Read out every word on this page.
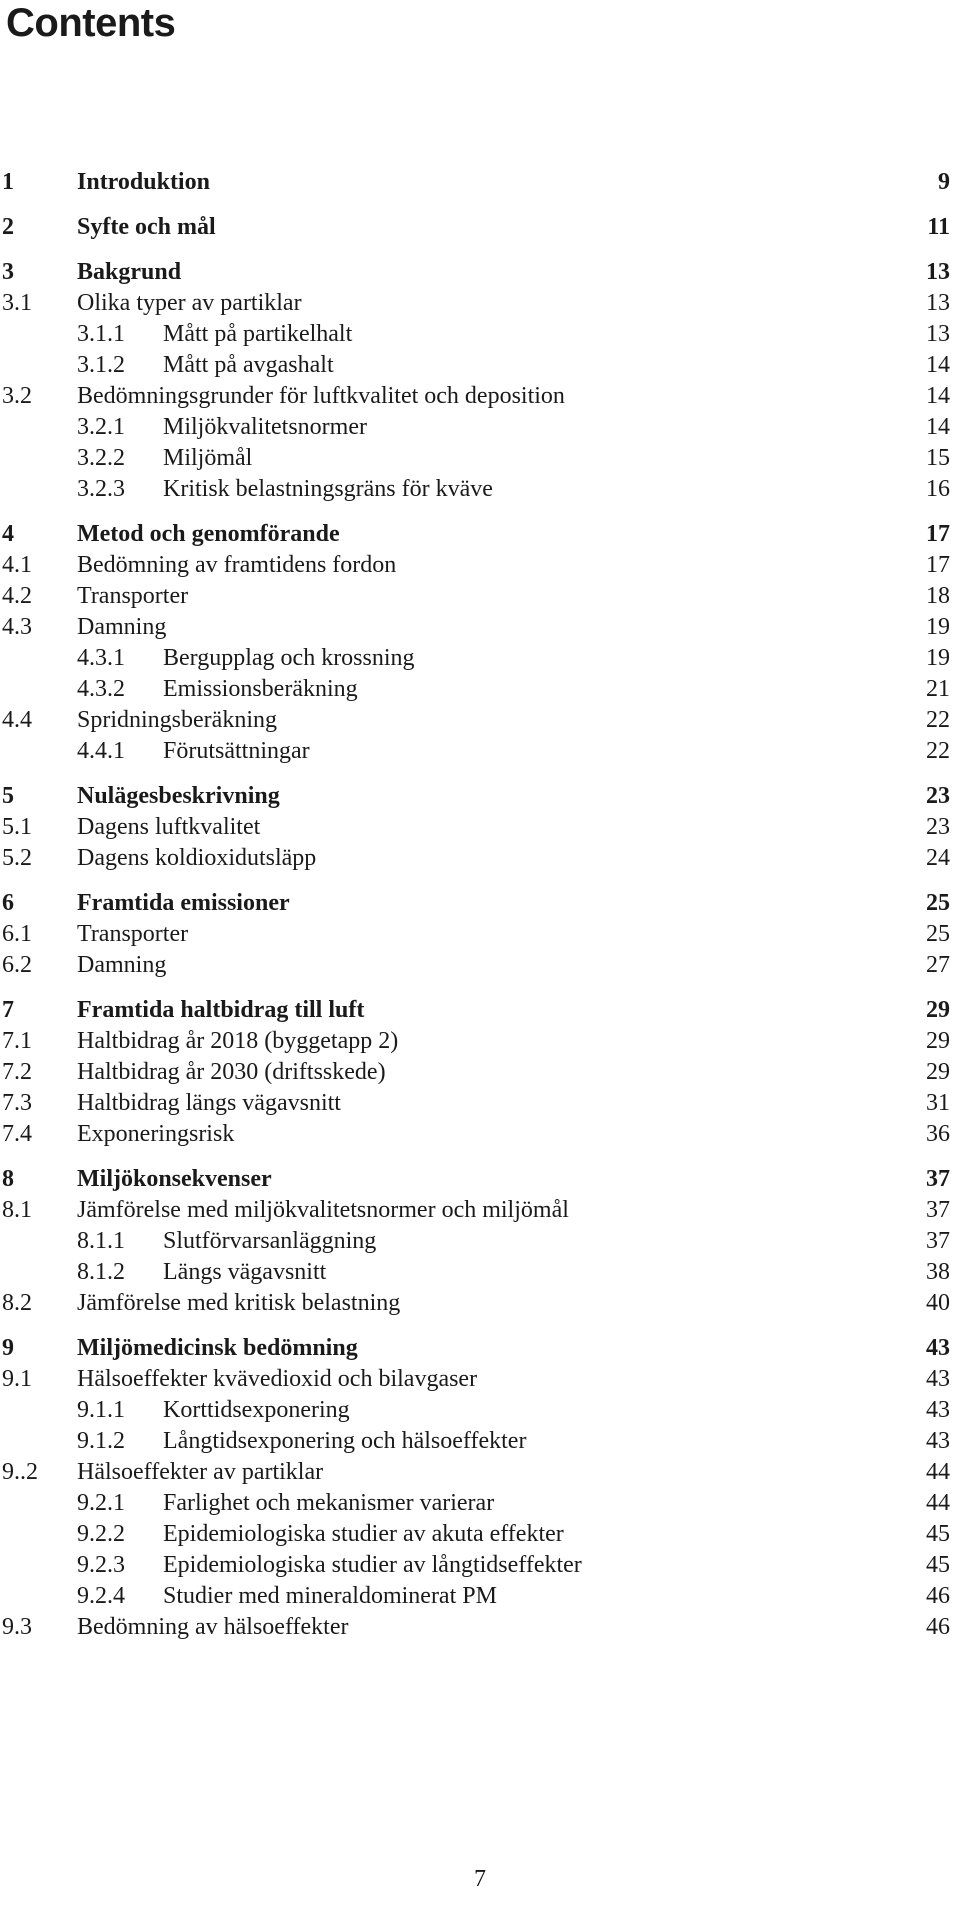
Contents
1	Introduktion	9
2	Syfte och mål	11
3	Bakgrund	13
3.1 Olika typer av partiklar	13
3.1.1 Mått på partikelhalt	13
3.1.2 Mått på avgashalt	14
3.2 Bedömningsgrunder för luftkvalitet och deposition	14
3.2.1 Miljökvalitetsnormer	14
3.2.2 Miljömål	15
3.2.3 Kritisk belastningsgräns för kväve	16
4	Metod och genomförande	17
4.1 Bedömning av framtidens fordon	17
4.2 Transporter	18
4.3 Damning	19
4.3.1 Bergupplag och krossning	19
4.3.2 Emissionsberäkning	21
4.4 Spridningsberäkning	22
4.4.1 Förutsättningar	22
5	Nulägesbeskrivning	23
5.1 Dagens luftkvalitet	23
5.2 Dagens koldioxidutsläpp	24
6	Framtida emissioner	25
6.1 Transporter	25
6.2 Damning	27
7	Framtida haltbidrag till luft	29
7.1 Haltbidrag år 2018 (byggetapp 2)	29
7.2 Haltbidrag år 2030 (driftsskede)	29
7.3 Haltbidrag längs vägavsnitt	31
7.4 Exponeringsrisk	36
8	Miljökonsekvenser	37
8.1 Jämförelse med miljökvalitetsnormer och miljömål	37
8.1.1 Slutförvarsanläggning	37
8.1.2 Längs vägavsnitt	38
8.2 Jämförelse med kritisk belastning	40
9	Miljömedicinsk bedömning	43
9.1 Hälsoeffekter kvävedioxid och bilavgaser	43
9.1.1 Korttidsexponering	43
9.1.2 Långtidsexponering och hälsoeffekter	43
9..2 Hälsoeffekter av partiklar	44
9.2.1 Farlighet och mekanismer varierar	44
9.2.2 Epidemiologiska studier av akuta effekter	45
9.2.3 Epidemiologiska studier av långtidseffekter	45
9.2.4 Studier med mineraldominerat PM	46
9.3 Bedömning av hälsoeffekter	46
7
